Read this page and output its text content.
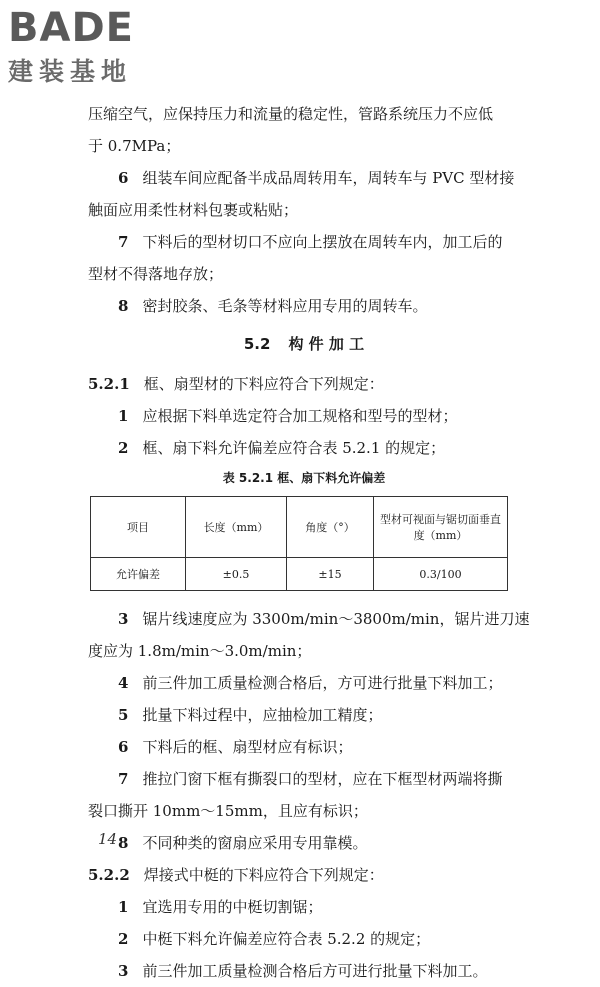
BADE
建装基地
压缩空气，应保持压力和流量的稳定性，管路系统压力不应低
于 0.7MPa；
6 组装车间应配备半成品周转用车，周转车与 PVC 型材接
触面应用柔性材料包裹或粘贴；
7 下料后的型材切口不应向上摆放在周转车内，加工后的
型材不得落地存放；
8 密封胶条、毛条等材料应用专用的周转车。
5.2 构 件 加 工
5.2.1 框、扇型材的下料应符合下列规定：
1 应根据下料单选定符合加工规格和型号的型材；
2 框、扇下料允许偏差应符合表 5.2.1 的规定；
表 5.2.1 框、扇下料允许偏差
项目	长度（mm）	角度（°）	型材可视面与锯切面垂直度（mm）
允许偏差	±0.5	±15	0.3/100
3 锯片线速度应为 3300m/min～3800m/min，锯片进刀速
度应为 1.8m/min～3.0m/min；
4 前三件加工质量检测合格后，方可进行批量下料加工；
5 批量下料过程中，应抽检加工精度；
6 下料后的框、扇型材应有标识；
7 推拉门窗下框有撕裂口的型材，应在下框型材两端将撕
裂口撕开 10mm～15mm，且应有标识；
8 不同种类的窗扇应采用专用靠模。
5.2.2 焊接式中梃的下料应符合下列规定：
1 宜选用专用的中梃切割锯；
2 中梃下料允许偏差应符合表 5.2.2 的规定；
3 前三件加工质量检测合格后方可进行批量下料加工。
14
